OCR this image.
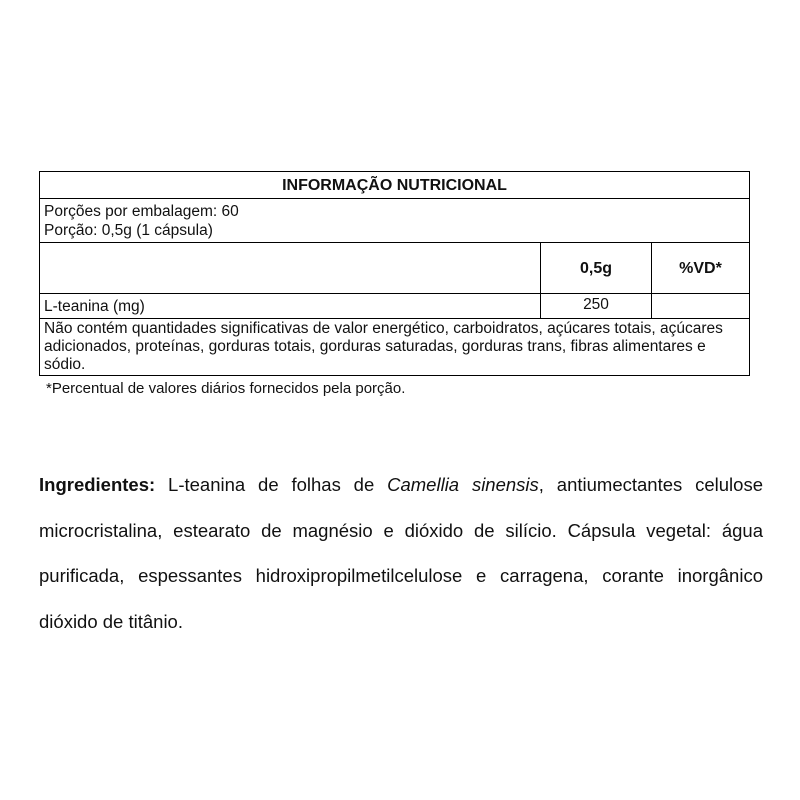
INFORMAÇÃO NUTRICIONAL
Porções por embalagem: 60
Porção: 0,5g (1 cápsula)
0,5g	%VD*
L-teanina (mg)	250
Não contém quantidades significativas de valor energético, carboidratos, açúcares totais, açúcares adicionados, proteínas, gorduras totais, gorduras saturadas, gorduras trans, fibras alimentares e sódio.
*Percentual de valores diários fornecidos pela porção.

Ingredientes: L-teanina de folhas de Camellia sinensis, antiumectantes celulose microcristalina, estearato de magnésio e dióxido de silício. Cápsula vegetal: água purificada, espessantes hidroxipropilmetilcelulose e carragena, corante inorgânico dióxido de titânio.
